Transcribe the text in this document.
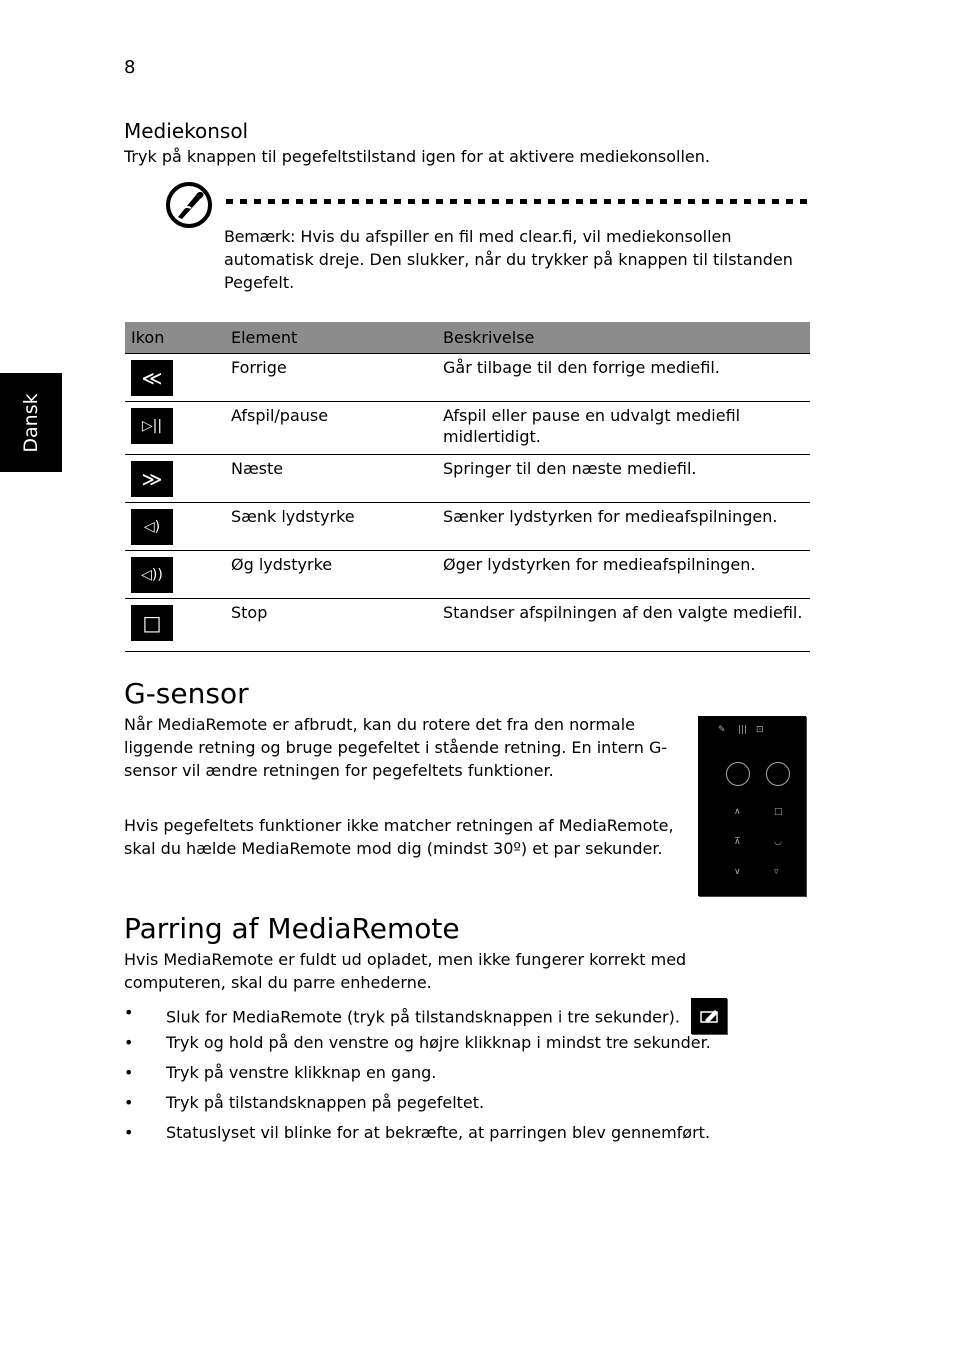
8
Dansk
Mediekonsol
Tryk på knappen til pegefeltstilstand igen for at aktivere mediekonsollen.
Bemærk: Hvis du afspiller en fil med clear.fi, vil mediekonsollen automatisk dreje. Den slukker, når du trykker på knappen til tilstanden Pegefelt.
Ikon	Element	Beskrivelse

≪	Forrige	Går tilbage til den forrige mediefil.

▷||	Afspil/pause	Afspil eller pause en udvalgt mediefil midlertidigt.

≫	Næste	Springer til den næste mediefil.

◁)	Sænk lydstyrke	Sænker lydstyrken for medieafspilningen.

◁))	Øg lydstyrke	Øger lydstyrken for medieafspilningen.

□	Stop	Standser afspilningen af den valgte mediefil.
G-sensor
Når MediaRemote er afbrudt, kan du rotere det fra den normale liggende retning og bruge pegefeltet i stående retning. En intern G-sensor vil ændre retningen for pegefeltets funktioner.
Hvis pegefeltets funktioner ikke matcher retningen af MediaRemote, skal du hælde MediaRemote mod dig (mindst 30º) et par sekunder.
✎ ||| ⊡
∧	□
⊼	◡
∨	▿
Parring af MediaRemote
Hvis MediaRemote er fuldt ud opladet, men ikke fungerer korrekt med computeren, skal du parre enhederne.
• Sluk for MediaRemote (tryk på tilstandsknappen i tre sekunder).
• Tryk og hold på den venstre og højre klikknap i mindst tre sekunder.
• Tryk på venstre klikknap en gang.
• Tryk på tilstandsknappen på pegefeltet.
• Statuslyset vil blinke for at bekræfte, at parringen blev gennemført.
